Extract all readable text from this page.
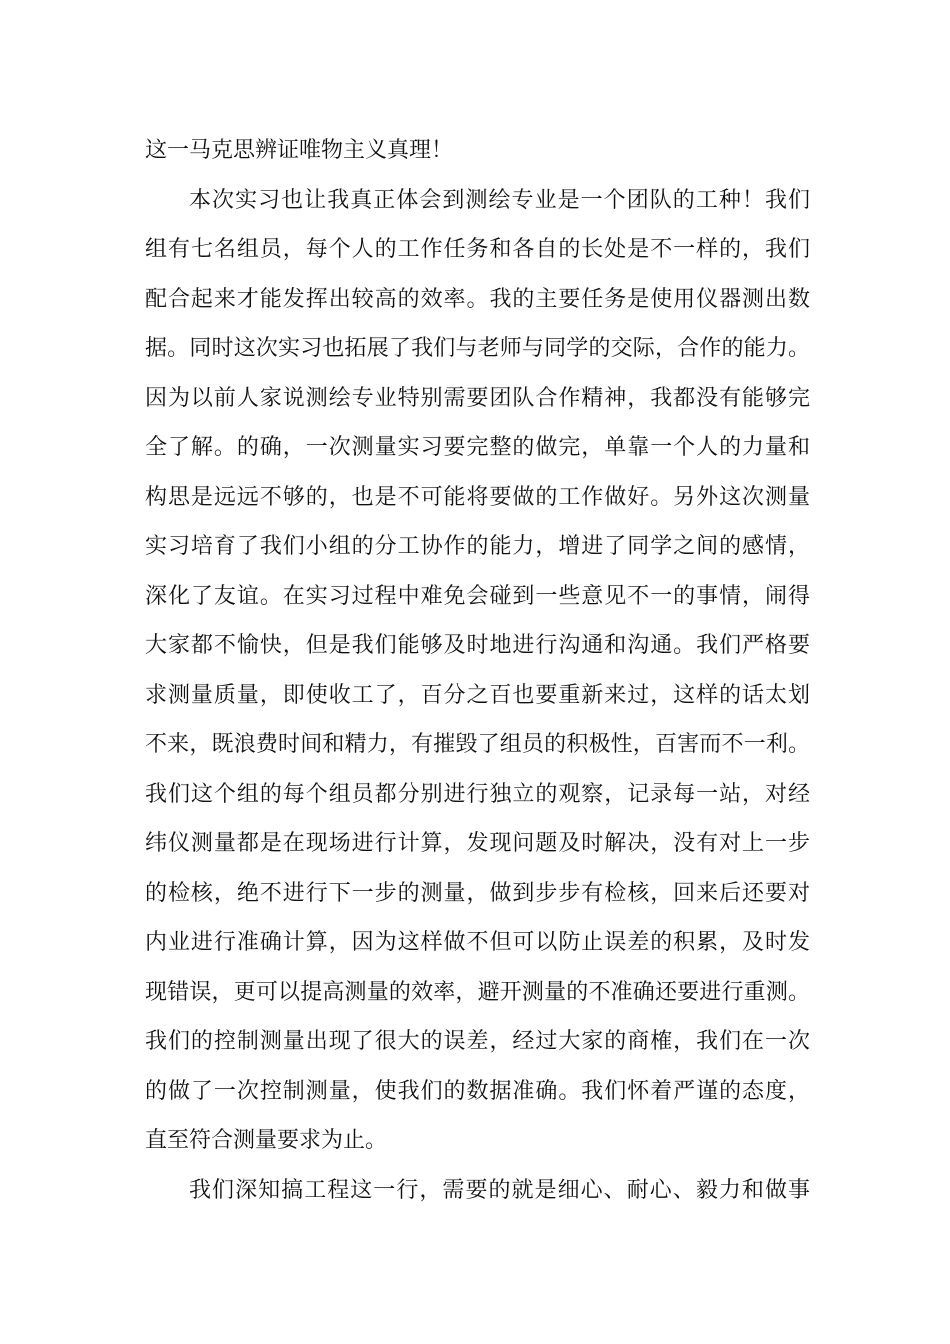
这一马克思辨证唯物主义真理！
本次实习也让我真正体会到测绘专业是一个团队的工种！我们
组有七名组员，每个人的工作任务和各自的长处是不一样的，我们
配合起来才能发挥出较高的效率。我的主要任务是使用仪器测出数
据。同时这次实习也拓展了我们与老师与同学的交际，合作的能力。
因为以前人家说测绘专业特别需要团队合作精神，我都没有能够完
全了解。的确，一次测量实习要完整的做完，单靠一个人的力量和
构思是远远不够的，也是不可能将要做的工作做好。另外这次测量
实习培育了我们小组的分工协作的能力，增进了同学之间的感情，
深化了友谊。在实习过程中难免会碰到一些意见不一的事情，闹得
大家都不愉快，但是我们能够及时地进行沟通和沟通。我们严格要
求测量质量，即使收工了，百分之百也要重新来过，这样的话太划
不来，既浪费时间和精力，有摧毁了组员的积极性，百害而不一利。
我们这个组的每个组员都分别进行独立的观察，记录每一站，对经
纬仪测量都是在现场进行计算，发现问题及时解决，没有对上一步
的检核，绝不进行下一步的测量，做到步步有检核，回来后还要对
内业进行准确计算，因为这样做不但可以防止误差的积累，及时发
现错误，更可以提高测量的效率，避开测量的不准确还要进行重测。
我们的控制测量出现了很大的误差，经过大家的商榷，我们在一次
的做了一次控制测量，使我们的数据准确。我们怀着严谨的态度，
直至符合测量要求为止。
我们深知搞工程这一行，需要的就是细心、耐心、毅力和做事
